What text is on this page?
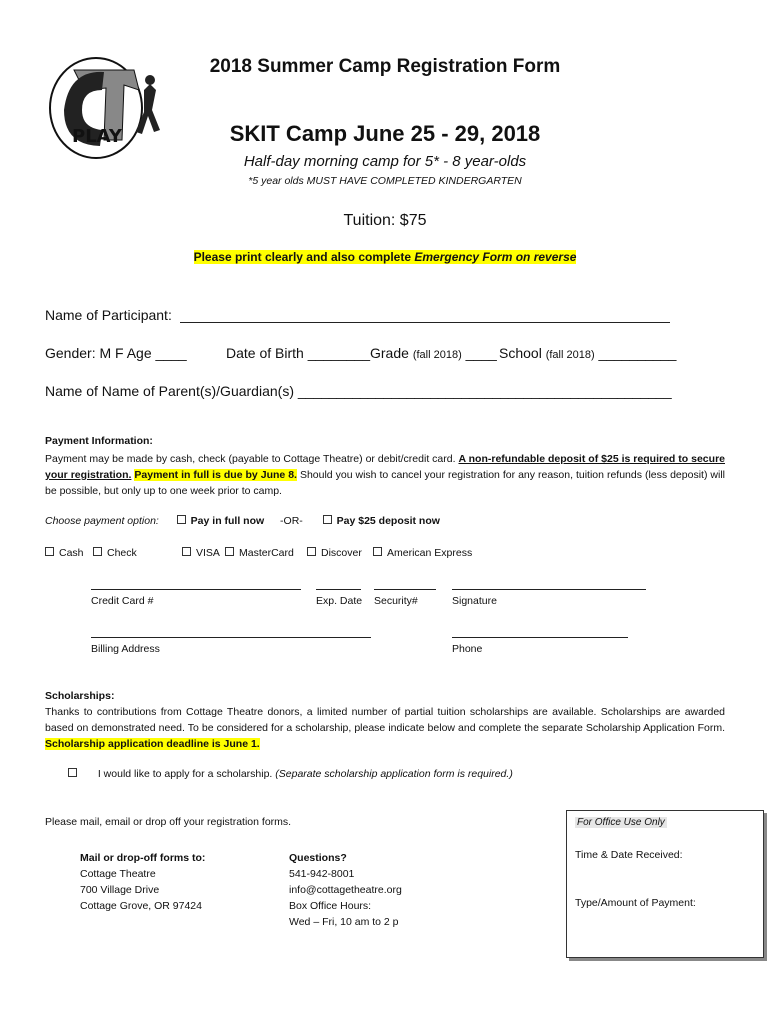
PLAY
2018 Summer Camp Registration Form
SKIT Camp June 25 - 29, 2018
Half-day morning camp for 5* - 8 year-olds
*5 year olds MUST HAVE COMPLETED KINDERGARTEN
Tuition: $75
Please print clearly and also complete Emergency Form on reverse
Name of Participant:
Gender: M F Age ____	Date of Birth ________ Grade (fall 2018) ____ School (fall 2018) __________
Name of Name of Parent(s)/Guardian(s) ________________________________________________
Payment Information:
Payment may be made by cash, check (payable to Cottage Theatre) or debit/credit card. A non-refundable deposit of $25 is required to secure your registration. Payment in full is due by June 8. Should you wish to cancel your registration for any reason, tuition refunds (less deposit) will be possible, but only up to one week prior to camp.
Choose payment option:	Pay in full now -OR-	Pay $25 deposit now
Cash	Check	VISA	MasterCard	Discover	American Express
Credit Card #	Exp. Date Security#	Signature
Billing Address	Phone
Scholarships:
Thanks to contributions from Cottage Theatre donors, a limited number of partial tuition scholarships are available. Scholarships are awarded based on demonstrated need. To be considered for a scholarship, please indicate below and complete the separate Scholarship Application Form. Scholarship application deadline is June 1.
I would like to apply for a scholarship. (Separate scholarship application form is required.)
Please mail, email or drop off your registration forms.
Mail or drop-off forms to:
Cottage Theatre
700 Village Drive
Cottage Grove, OR 97424
Questions?
541-942-8001
info@cottagetheatre.org
Box Office Hours:
Wed – Fri, 10 am to 2 p
For Office Use Only
Time & Date Received:
Type/Amount of Payment:
